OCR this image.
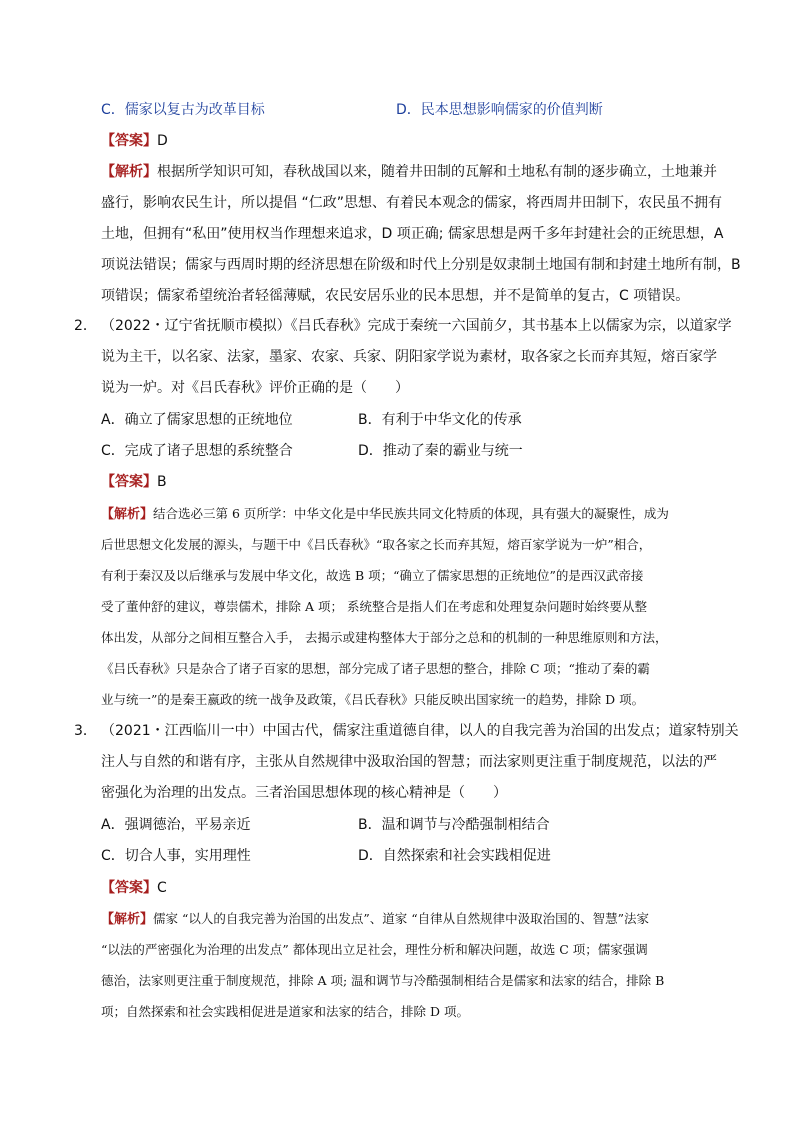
C．儒家以复古为改革目标	D．民本思想影响儒家的价值判断
【答案】D
【解析】根据所学知识可知，春秋战国以来，随着井田制的瓦解和土地私有制的逐步确立，土地兼并
盛行，影响农民生计，所以提倡 “仁政”思想、有着民本观念的儒家，将西周井田制下，农民虽不拥有
土地，但拥有“私田”使用权当作理想来追求，D 项正确; 儒家思想是两千多年封建社会的正统思想，A
项说法错误；儒家与西周时期的经济思想在阶级和时代上分别是奴隶制土地国有制和封建土地所有制，B
项错误；儒家希望统治者轻徭薄赋，农民安居乐业的民本思想，并不是简单的复古，C 项错误。
2． （2022・辽宁省抚顺市模拟）《吕氏春秋》完成于秦统一六国前夕，其书基本上以儒家为宗，以道家学
说为主干，以名家、法家，墨家、农家、兵家、阴阳家学说为素材，取各家之长而弃其短，熔百家学
说为一炉。对《吕氏春秋》评价正确的是（　　）
A．确立了儒家思想的正统地位	B．有利于中华文化的传承
C．完成了诸子思想的系统整合	D．推动了秦的霸业与统一
【答案】B
【解析】结合选必三第 6 页所学：中华文化是中华民族共同文化特质的体现，具有强大的凝聚性，成为
后世思想文化发展的源头，与题干中《吕氏春秋》“取各家之长而弃其短，熔百家学说为一炉”相合，
有利于秦汉及以后继承与发展中华文化，故选 B 项；“确立了儒家思想的正统地位”的是西汉武帝接
受了董仲舒的建议，尊崇儒术，排除 A 项； 系统整合是指人们在考虑和处理复杂问题时始终要从整
体出发，从部分之间相互整合入手， 去揭示或建构整体大于部分之总和的机制的一种思维原则和方法，
《吕氏春秋》只是杂合了诸子百家的思想，部分完成了诸子思想的整合，排除 C 项；“推动了秦的霸
业与统一”的是秦王嬴政的统一战争及政策，《吕氏春秋》只能反映出国家统一的趋势，排除 D 项。
3． （2021・江西临川一中）中国古代，儒家注重道德自律，以人的自我完善为治国的出发点；道家特别关
注人与自然的和谐有序，主张从自然规律中汲取治国的智慧；而法家则更注重于制度规范，以法的严
密强化为治理的出发点。三者治国思想体现的核心精神是（　　）
A．强调德治，平易亲近	B．温和调节与冷酷强制相结合
C．切合人事，实用理性	D．自然探索和社会实践相促进
【答案】C
【解析】儒家 “以人的自我完善为治国的出发点”、道家 “自律从自然规律中汲取治国的、智慧”法家
“以法的严密强化为治理的出发点” 都体现出立足社会，理性分析和解决问题，故选 C 项；儒家强调
德治，法家则更注重于制度规范，排除 A 项; 温和调节与冷酷强制相结合是儒家和法家的结合，排除 B
项；自然探索和社会实践相促进是道家和法家的结合，排除 D 项。
